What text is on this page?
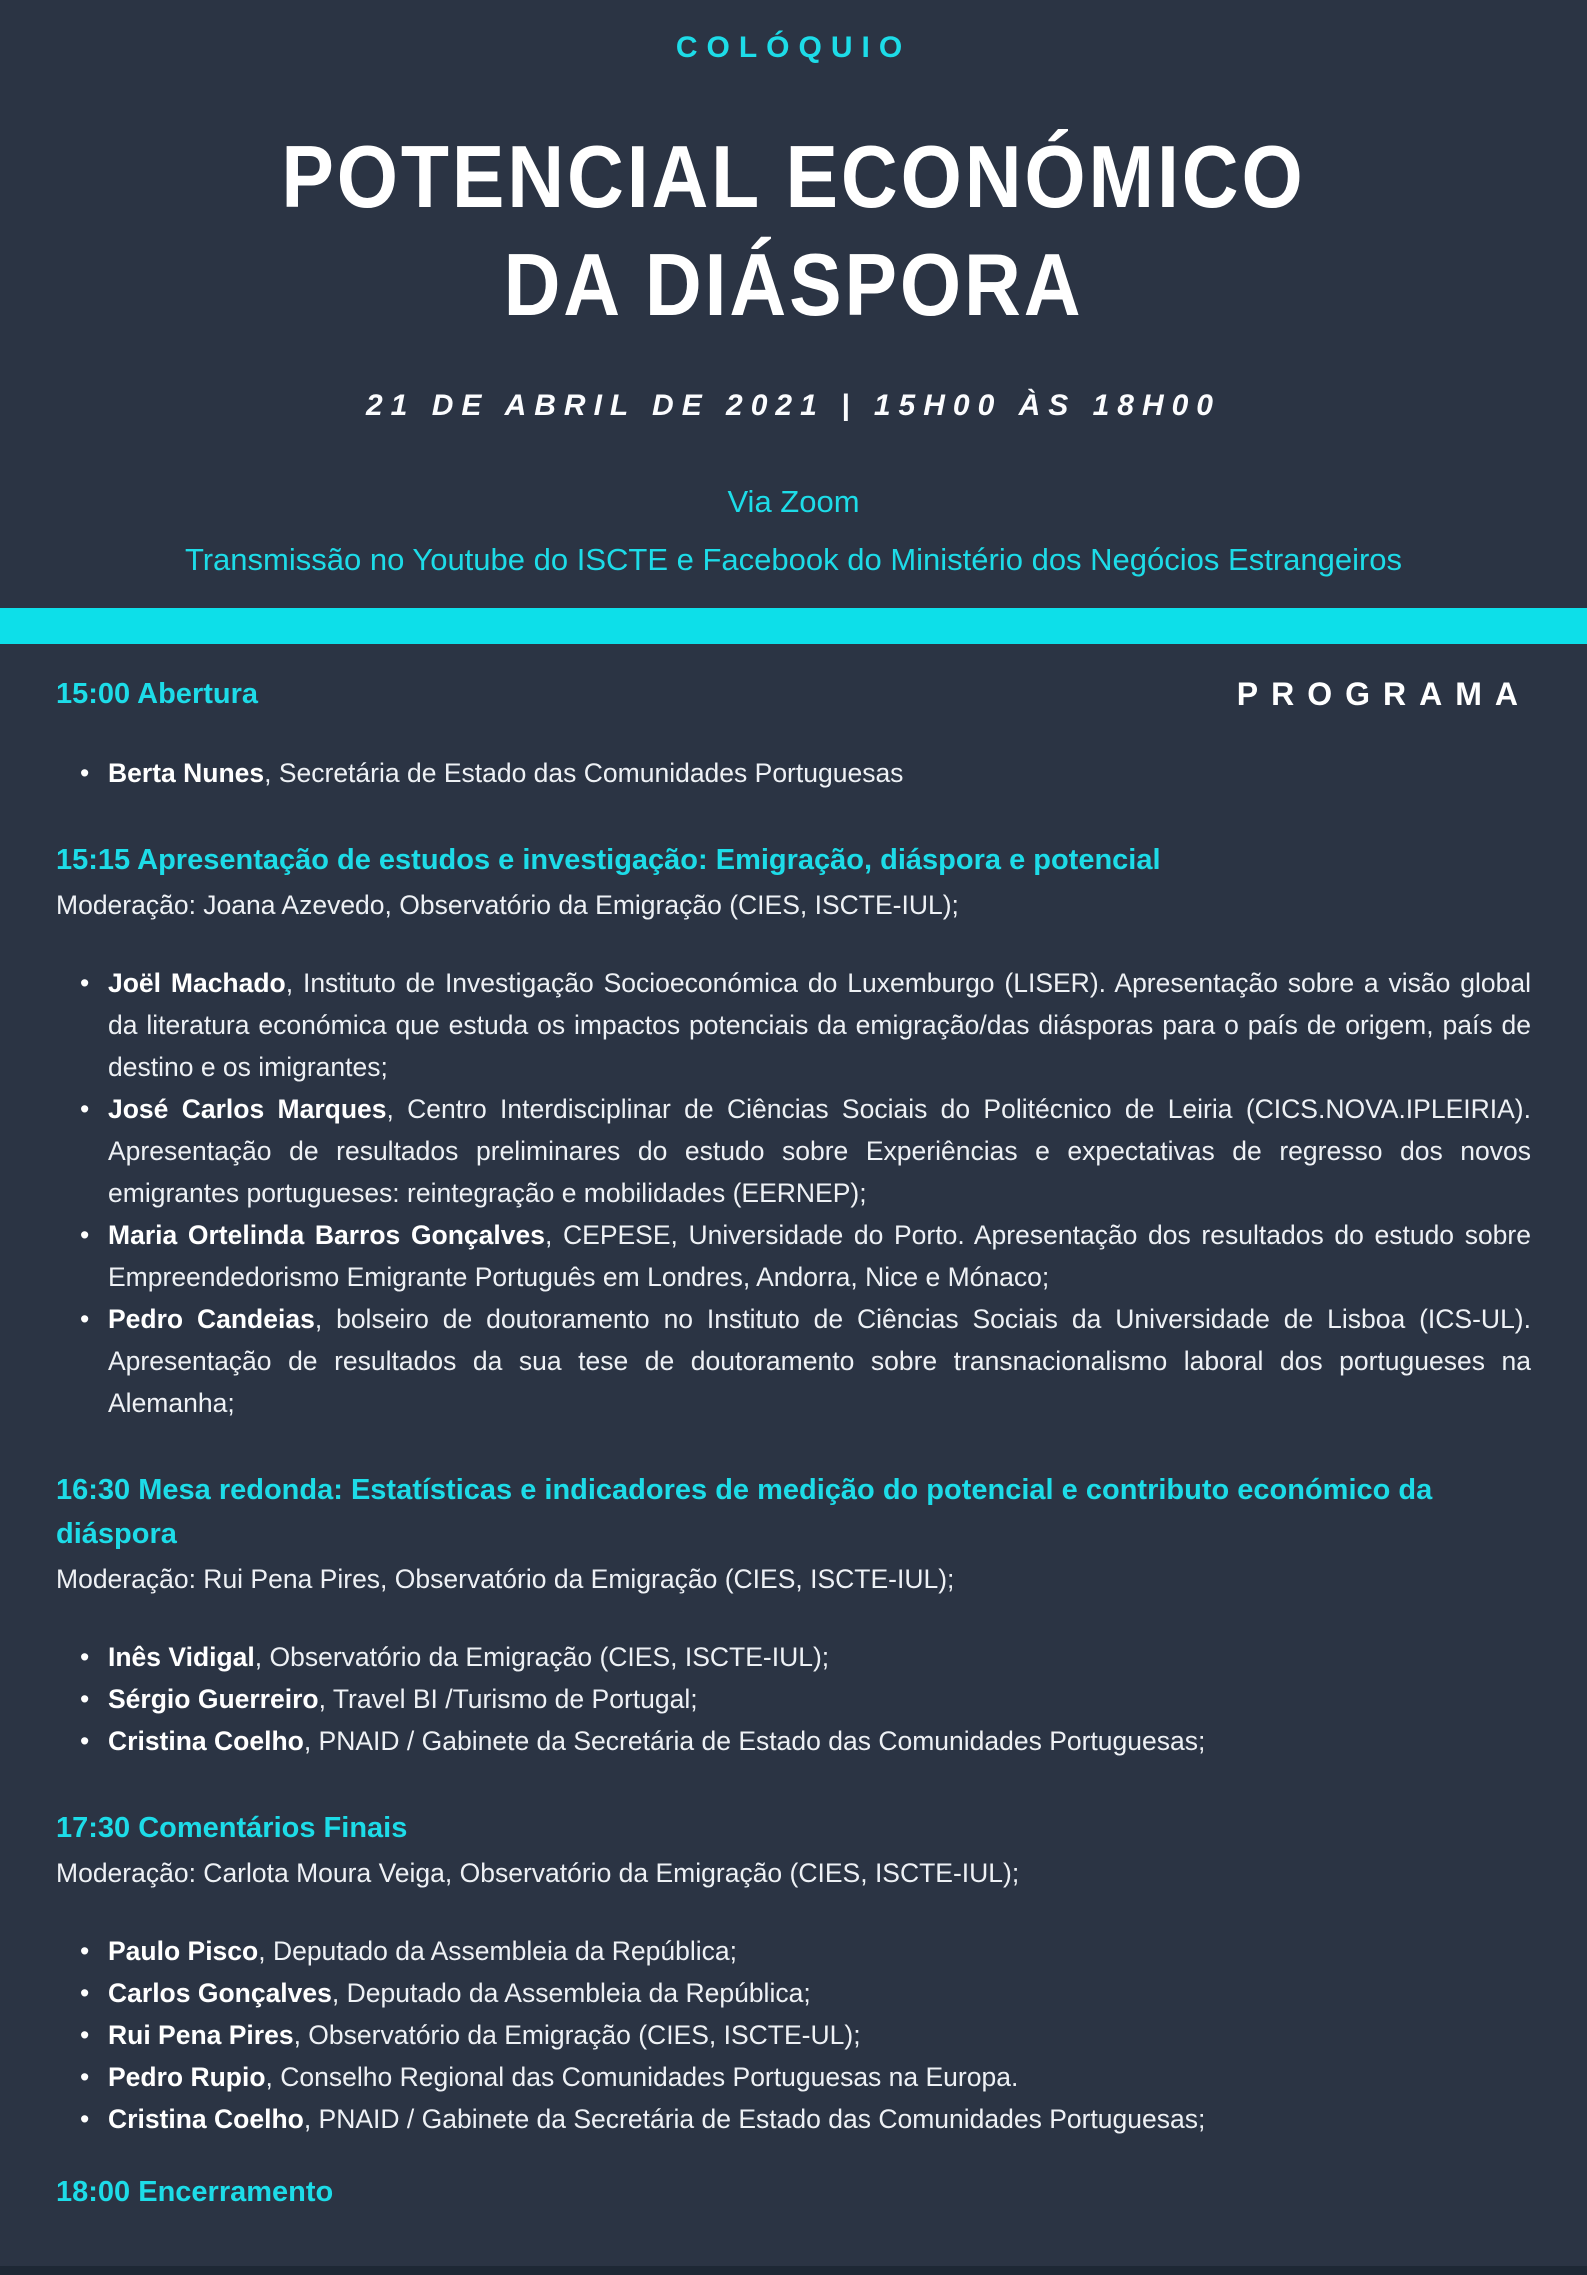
COLÓQUIO
POTENCIAL ECONÓMICO
DA DIÁSPORA
21 DE ABRIL DE 2021 | 15H00 ÀS 18H00
Via Zoom
Transmissão no Youtube do ISCTE e Facebook do Ministério dos Negócios Estrangeiros
15:00 Abertura	PROGRAMA
• Berta Nunes, Secretária de Estado das Comunidades Portuguesas
15:15 Apresentação de estudos e investigação: Emigração, diáspora e potencial
Moderação: Joana Azevedo, Observatório da Emigração (CIES, ISCTE-IUL);
• Joël Machado, Instituto de Investigação Socioeconómica do Luxemburgo (LISER). Apresentação sobre a visão global da literatura económica que estuda os impactos potenciais da emigração/das diásporas para o país de origem, país de destino e os imigrantes;
• José Carlos Marques, Centro Interdisciplinar de Ciências Sociais do Politécnico de Leiria (CICS.NOVA.IPLEIRIA). Apresentação de resultados preliminares do estudo sobre Experiências e expectativas de regresso dos novos emigrantes portugueses: reintegração e mobilidades (EERNEP);
• Maria Ortelinda Barros Gonçalves, CEPESE, Universidade do Porto. Apresentação dos resultados do estudo sobre Empreendedorismo Emigrante Português em Londres, Andorra, Nice e Mónaco;
• Pedro Candeias, bolseiro de doutoramento no Instituto de Ciências Sociais da Universidade de Lisboa (ICS-UL). Apresentação de resultados da sua tese de doutoramento sobre transnacionalismo laboral dos portugueses na Alemanha;
16:30 Mesa redonda: Estatísticas e indicadores de medição do potencial e contributo económico da diáspora
Moderação: Rui Pena Pires, Observatório da Emigração (CIES, ISCTE-IUL);
• Inês Vidigal, Observatório da Emigração (CIES, ISCTE-IUL);
• Sérgio Guerreiro, Travel BI /Turismo de Portugal;
• Cristina Coelho, PNAID / Gabinete da Secretária de Estado das Comunidades Portuguesas;
17:30 Comentários Finais
Moderação: Carlota Moura Veiga, Observatório da Emigração (CIES, ISCTE-IUL);
• Paulo Pisco, Deputado da Assembleia da República;
• Carlos Gonçalves, Deputado da Assembleia da República;
• Rui Pena Pires, Observatório da Emigração (CIES, ISCTE-UL);
• Pedro Rupio, Conselho Regional das Comunidades Portuguesas na Europa.
• Cristina Coelho, PNAID / Gabinete da Secretária de Estado das Comunidades Portuguesas;
18:00 Encerramento
